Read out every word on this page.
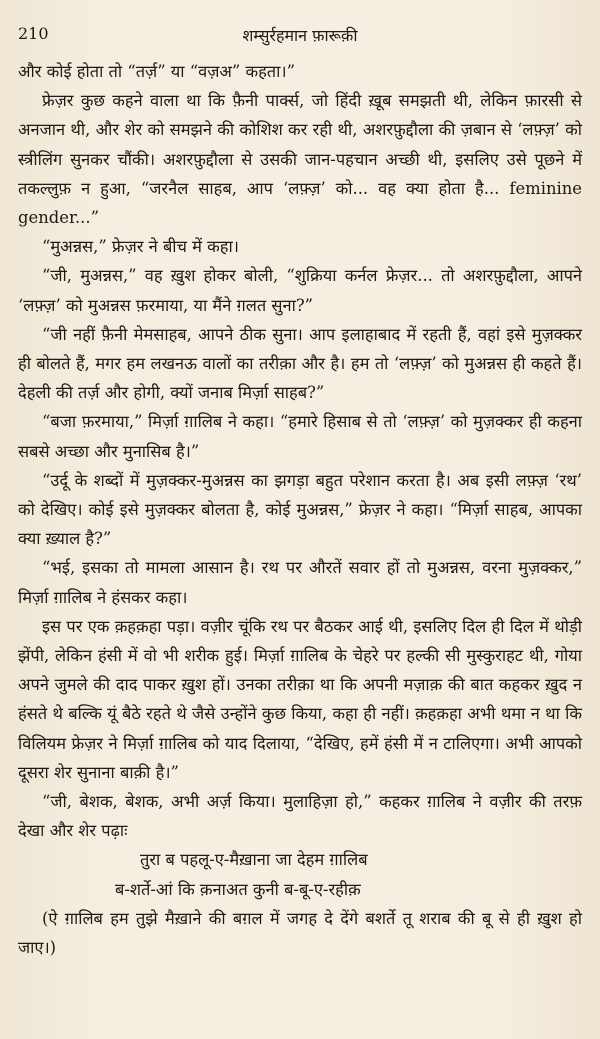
210	शम्सुर्रहमान फ़ारूक़ी

और कोई होता तो “तर्ज़” या “वज़अ” कहता।”

फ्रेज़र कुछ कहने वाला था कि फ़ैनी पार्क्स, जो हिंदी ख़ूब समझती थी, लेकिन फ़ारसी से अनजान थी, और शेर को समझने की कोशिश कर रही थी, अशरफ़ुद्दौला की ज़बान से ‘लफ़्ज़’ को स्त्रीलिंग सुनकर चौंकी। अशरफ़ुद्दौला से उसकी जान-पहचान अच्छी थी, इसलिए उसे पूछने में तकल्लुफ़ न हुआ, “जरनैल साहब, आप ‘लफ़्ज़’ को... वह क्या होता है... feminine gender...”

“मुअन्नस,” फ्रेज़र ने बीच में कहा।

“जी, मुअन्नस,” वह ख़ुश होकर बोली, “शुक्रिया कर्नल फ्रेज़र... तो अशरफ़ुद्दौला, आपने ‘लफ़्ज़’ को मुअन्नस फ़रमाया, या मैंने ग़लत सुना?”

“जी नहीं फ़ैनी मेमसाहब, आपने ठीक सुना। आप इलाहाबाद में रहती हैं, वहां इसे मुज़क्कर ही बोलते हैं, मगर हम लखनऊ वालों का तरीक़ा और है। हम तो ‘लफ़्ज़’ को मुअन्नस ही कहते हैं। देहली की तर्ज़ और होगी, क्यों जनाब मिर्ज़ा साहब?”

“बजा फ़रमाया,” मिर्ज़ा ग़ालिब ने कहा। “हमारे हिसाब से तो ‘लफ़्ज़’ को मुज़क्कर ही कहना सबसे अच्छा और मुनासिब है।”

“उर्दू के शब्दों में मुज़क्कर-मुअन्नस का झगड़ा बहुत परेशान करता है। अब इसी लफ़्ज़ ‘रथ’ को देखिए। कोई इसे मुज़क्कर बोलता है, कोई मुअन्नस,” फ्रेज़र ने कहा। “मिर्ज़ा साहब, आपका क्या ख़्याल है?”

“भई, इसका तो मामला आसान है। रथ पर औरतें सवार हों तो मुअन्नस, वरना मुज़क्कर,” मिर्ज़ा ग़ालिब ने हंसकर कहा।

इस पर एक क़हक़हा पड़ा। वज़ीर चूंकि रथ पर बैठकर आई थी, इसलिए दिल ही दिल में थोड़ी झेंपी, लेकिन हंसी में वो भी शरीक हुई। मिर्ज़ा ग़ालिब के चेहरे पर हल्की सी मुस्कुराहट थी, गोया अपने जुमले की दाद पाकर ख़ुश हों। उनका तरीक़ा था कि अपनी मज़ाक़ की बात कहकर ख़ुद न हंसते थे बल्कि यूं बैठे रहते थे जैसे उन्होंने कुछ किया, कहा ही नहीं। क़हक़हा अभी थमा न था कि विलियम फ्रेज़र ने मिर्ज़ा ग़ालिब को याद दिलाया, “देखिए, हमें हंसी में न टालिएगा। अभी आपको दूसरा शेर सुनाना बाक़ी है।”

“जी, बेशक, बेशक, अभी अर्ज़ किया। मुलाहिज़ा हो,” कहकर ग़ालिब ने वज़ीर की तरफ़ देखा और शेर पढ़ाः

तुरा ब पहलू-ए-मैख़ाना जा देहम ग़ालिब

ब-शर्ते-आं कि क़नाअत कुनी ब-बू-ए-रहीक़

(ऐ ग़ालिब हम तुझे मैख़ाने की बग़ल में जगह दे देंगे बशर्ते तू शराब की बू से ही ख़ुश हो जाए।)
